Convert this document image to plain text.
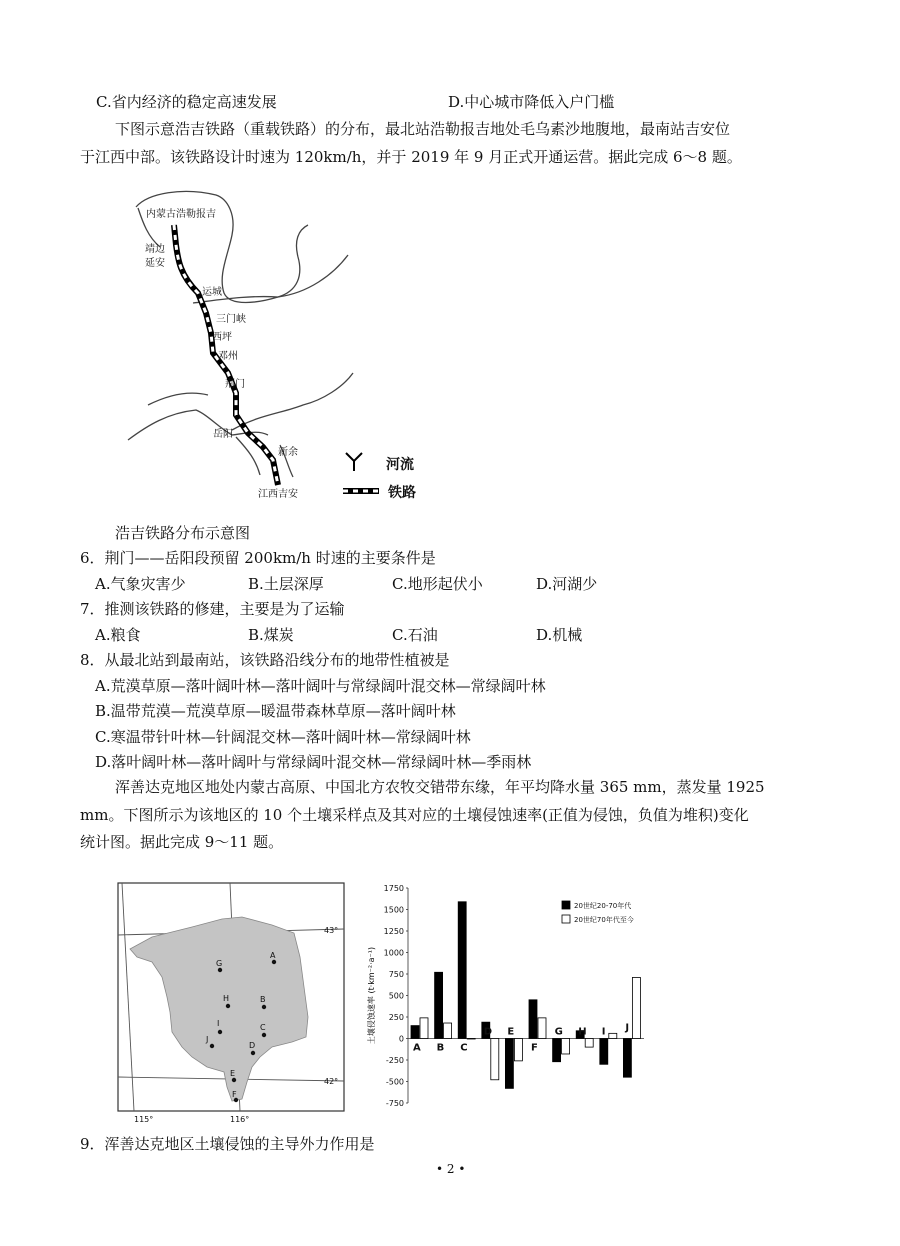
C.省内经济的稳定高速发展	D.中心城市降低入户门槛
下图示意浩吉铁路（重载铁路）的分布，最北站浩勒报吉地处毛乌素沙地腹地，最南站吉安位
于江西中部。该铁路设计时速为 120km/h，并于 2019 年 9 月正式开通运营。据此完成 6～8 题。
内蒙古浩勒报吉
靖边
延安
运城
三门峡
西坪
邓州
荆门
岳阳
新余
江西吉安
河流
铁路
浩吉铁路分布示意图
6．荆门——岳阳段预留 200km/h 时速的主要条件是
A.气象灾害少	B.土层深厚	C.地形起伏小	D.河湖少
7．推测该铁路的修建，主要是为了运输
A.粮食	B.煤炭	C.石油	D.机械
8．从最北站到最南站，该铁路沿线分布的地带性植被是
A.荒漠草原—落叶阔叶林—落叶阔叶与常绿阔叶混交林—常绿阔叶林
B.温带荒漠—荒漠草原—暖温带森林草原—落叶阔叶林
C.寒温带针叶林—针阔混交林—落叶阔叶林—常绿阔叶林
D.落叶阔叶林—落叶阔叶与常绿阔叶混交林—常绿阔叶林—季雨林
浑善达克地区地处内蒙古高原、中国北方农牧交错带东缘，年平均降水量 365 mm，蒸发量 1925
mm。下图所示为该地区的 10 个土壤采样点及其对应的土壤侵蚀速率(正值为侵蚀，负值为堆积)变化
统计图。据此完成 9～11 题。
A
B
C
D
E
F
G
H
I
J
43°
42°
115°	116°
土壤侵蚀速率 (t·km⁻²·a⁻¹)
1750
1500
1250
1000
750
500
250
0
-250
-500
-750
A B C
D E
F
G H I J
20世纪20-70年代
20世纪70年代至今
9．浑善达克地区土壤侵蚀的主导外力作用是
• 2 •
